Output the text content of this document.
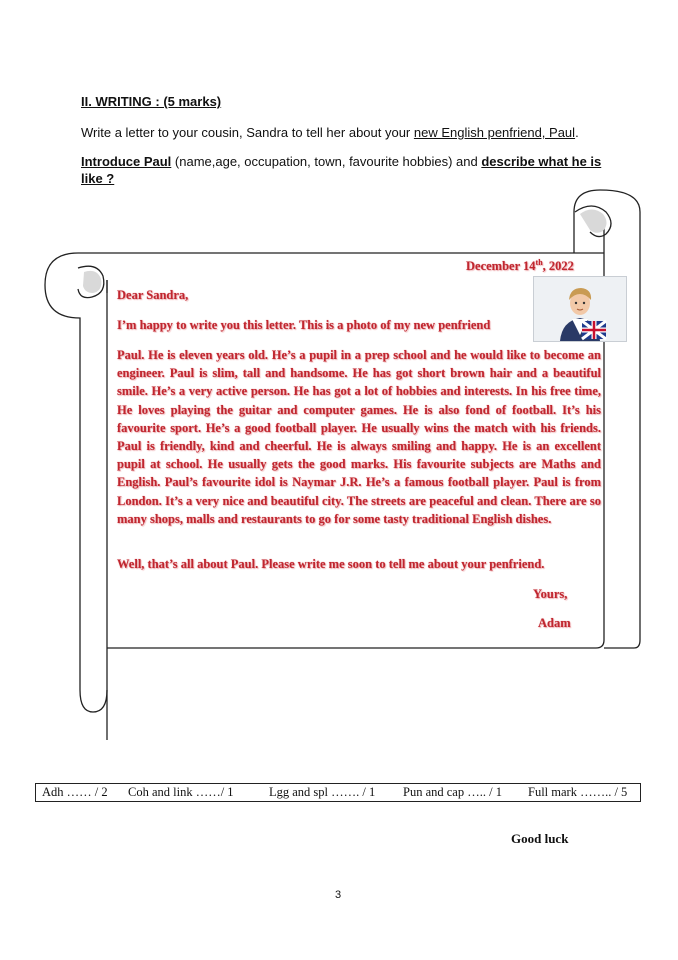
II. WRITING : (5 marks)
Write a letter to your cousin, Sandra to tell her about your new English penfriend, Paul.
Introduce Paul (name,age, occupation, town, favourite hobbies) and describe what he is like ?
December 14th, 2022
Dear Sandra,
I’m happy to write you this letter. This is a photo of my new penfriend
Paul. He is eleven years old. He’s a pupil in a prep school and he would like to become an engineer. Paul is slim, tall and handsome. He has got short brown hair and a beautiful smile. He’s a very active person. He has got a lot of hobbies and interests. In his free time, He loves playing the guitar and computer games. He is also fond of football. It’s his favourite sport. He’s a good football player. He usually wins the match with his friends. Paul is friendly, kind and cheerful. He is always smiling and happy. He is an excellent pupil at school. He usually gets the good marks. His favourite subjects are Maths and English. Paul’s favourite idol is Naymar J.R. He’s a famous football player. Paul is from London. It’s a very nice and beautiful city. The streets are peaceful and clean. There are so many shops, malls and restaurants to go for some tasty traditional English dishes.
Well, that’s all about Paul. Please write me soon to tell me about your penfriend.
Yours,
Adam
Adh …… / 2 Coh and link ……/ 1	Lgg and spl ……. / 1 Pun and cap ….. / 1 Full mark …….. / 5
Good luck
3
